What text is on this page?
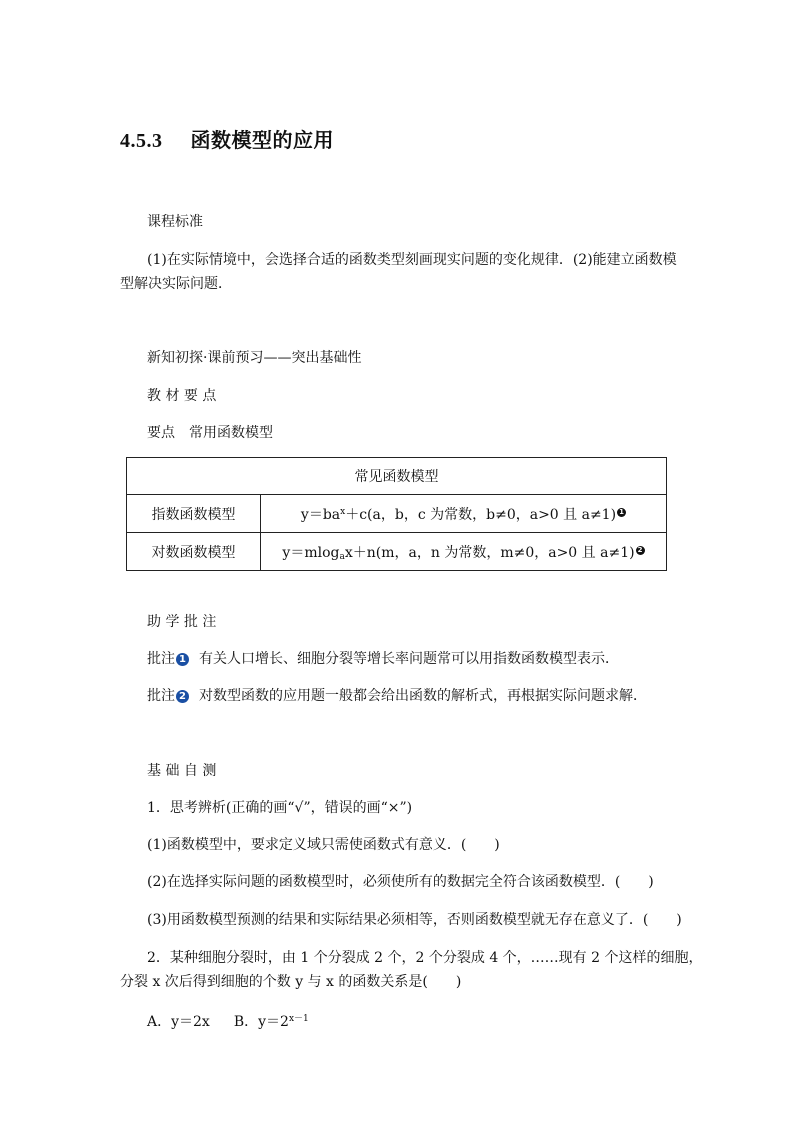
4.5.3 函数模型的应用
课程标准
(1)在实际情境中，会选择合适的函数类型刻画现实问题的变化规律．(2)能建立函数模
型解决实际问题．
新知初探·课前预习——突出基础性
教 材 要 点
要点　常用函数模型
常见函数模型	
指数函数模型	$y=ba^x+c(a$，b，c 为常数，b≠0，a>0 且 a≠1) 1
对数函数模型	y＝mlog$_a$x＋n(m，a，n 为常数，m≠0，a>0 且 a≠1) 2
助 学 批 注
批注 1 有关人口增长、细胞分裂等增长率问题常可以用指数函数模型表示．
批注 2 对数型函数的应用题一般都会给出函数的解析式，再根据实际问题求解．
基 础 自 测
1．思考辨析(正确的画“√”，错误的画“×”)
(1)函数模型中，要求定义域只需使函数式有意义．(　　)
(2)在选择实际问题的函数模型时，必须使所有的数据完全符合该函数模型．(　　)
(3)用函数模型预测的结果和实际结果必须相等，否则函数模型就无存在意义了．(　　)
2．某种细胞分裂时，由 1 个分裂成 2 个，2 个分裂成 4 个，……现有 2 个这样的细胞，
分裂 x 次后得到细胞的个数 y 与 x 的函数关系是(　　)
A．y＝2x B．$y=2^{x-1}$
